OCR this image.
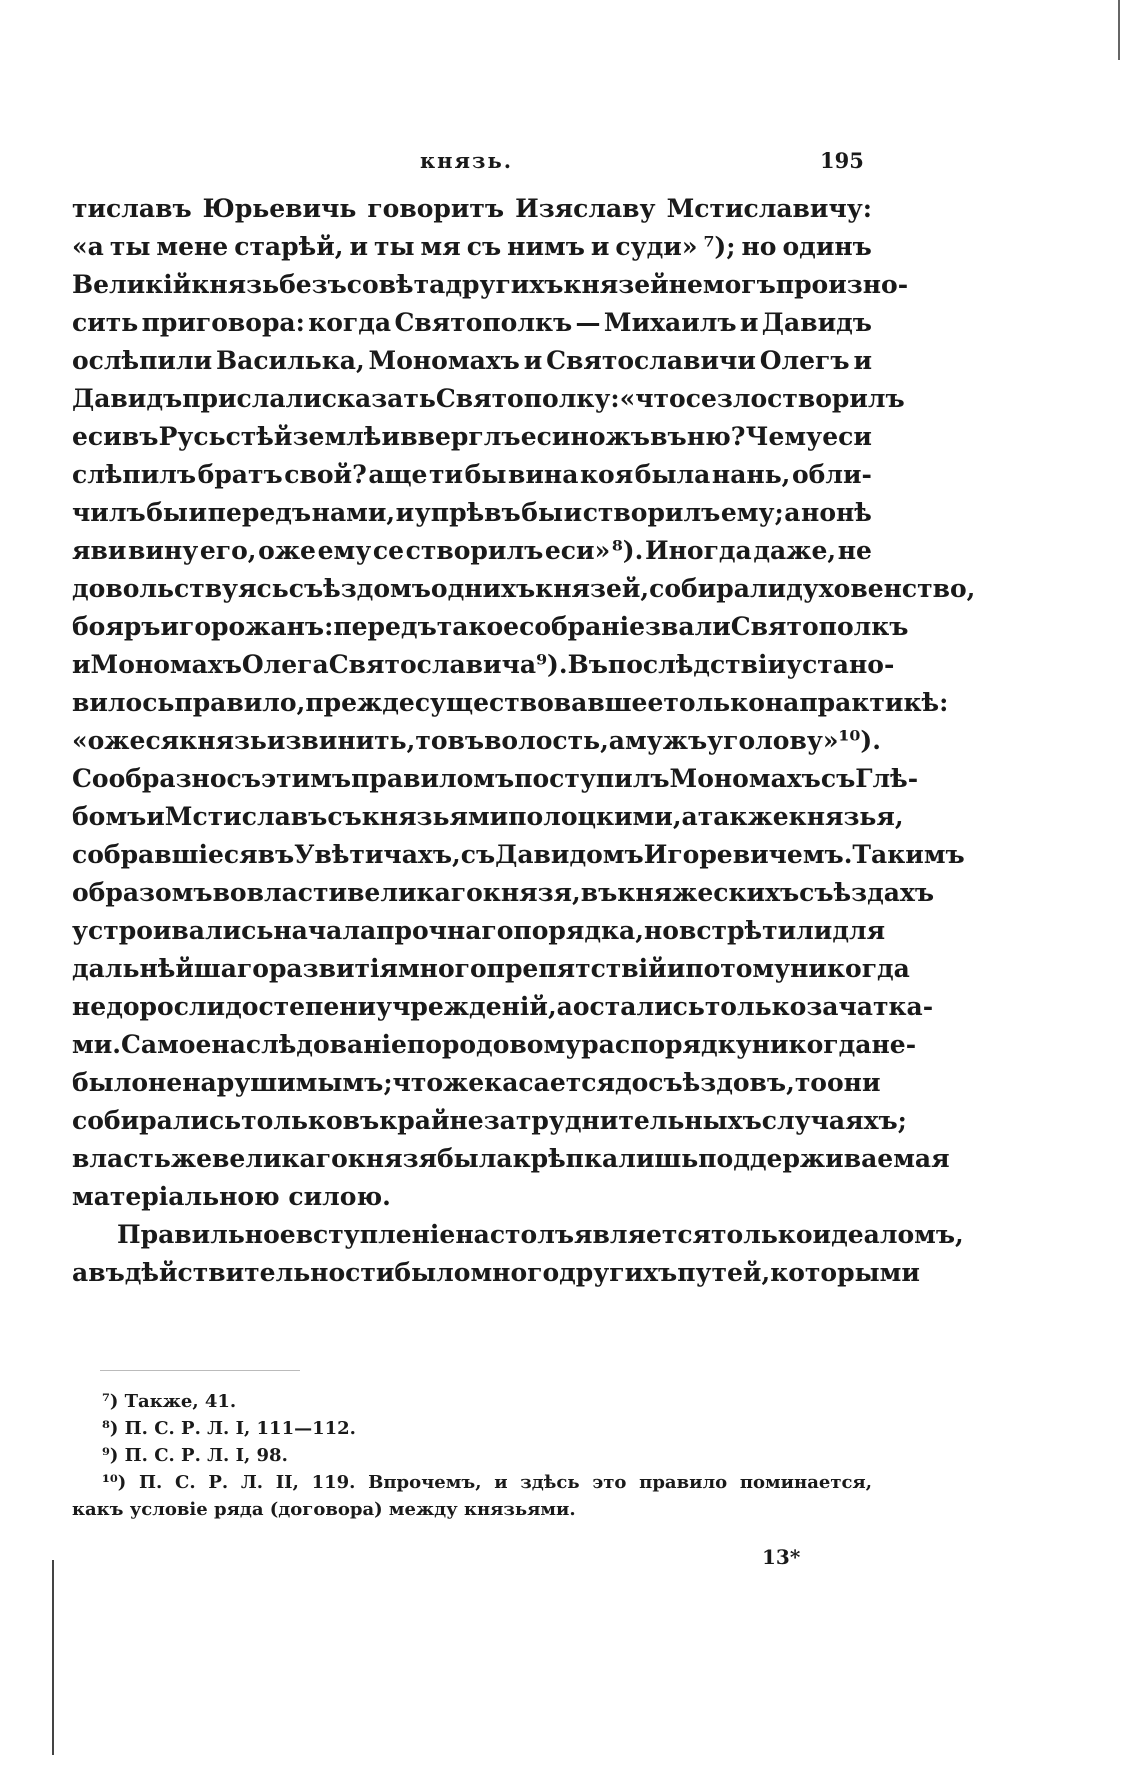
князь.	195
тиславъ Юрьевичь говоритъ Изяславу Мстиславичу:
«а ты мене старѣй, и ты мя съ нимъ и суди» ⁷); но одинъ
Великій князь безъ совѣта другихъ князей не могъ произно-
сить приговора: когда Святополкъ — Михаилъ и Давидъ
ослѣпили Василька, Мономахъ и Святославичи Олегъ и
Давидъ прислали сказать Святополку: «что се зло створилъ
еси въ Русьстѣй землѣ и вверглъ еси ножъ въ ню? Чему еси
слѣпилъ братъ свой? аще ти бы вина коя была нань, обли-
чилъ бы и передъ нами, и упрѣвъ бы и створилъ ему; а нонѣ
яви вину его, оже ему се створилъ еси» ⁸). Иногда даже, не
довольствуясь съѣздомъ однихъ князей, собирали духовенство,
бояръ и горожанъ: передъ такое собраніе звали Святополкъ
и Мономахъ Олега Святославича ⁹). Въ послѣдствіи устано-
вилось правило, прежде существовавшее только на практикѣ:
«оже ся князь извинить, то въ волость, а мужъ у голову» ¹⁰).
Сообразно съ этимъ правиломъ поступилъ Мономахъ съ Глѣ-
бомъ и Мстиславъ съ князьями полоцкими, а также князья,
собравшіеся въ Увѣтичахъ, съ Давидомъ Игоревичемъ. Такимъ
образомъ во власти великаго князя, въ княжескихъ съѣздахъ
устроивались начала прочнаго порядка, но встрѣтили для
дальнѣйшаго развитія много препятствій и потому никогда
недоросли до степени учрежденій, а остались только зачатка-
ми. Самое наслѣдованіе по родовому распорядку никогда не-
было ненарушимымъ; чтоже касается до съѣздовъ, то они
собирались только въ крайне затруднительныхъ случаяхъ;
власть же великаго князя была крѣпка лишь поддерживаемая
матеріальною силою.
Правильное вступленіе на столъ является только идеаломъ,
а въ дѣйствительности было много другихъ путей, которыми
⁷) Также, 41.
⁸) П. С. Р. Л. I, 111—112.
⁹) П. С. Р. Л. I, 98.
¹⁰) П. С. Р. Л. II, 119. Впрочемъ, и здѣсь это правило поминается,
какъ условіе ряда (договора) между князьями.
13*
